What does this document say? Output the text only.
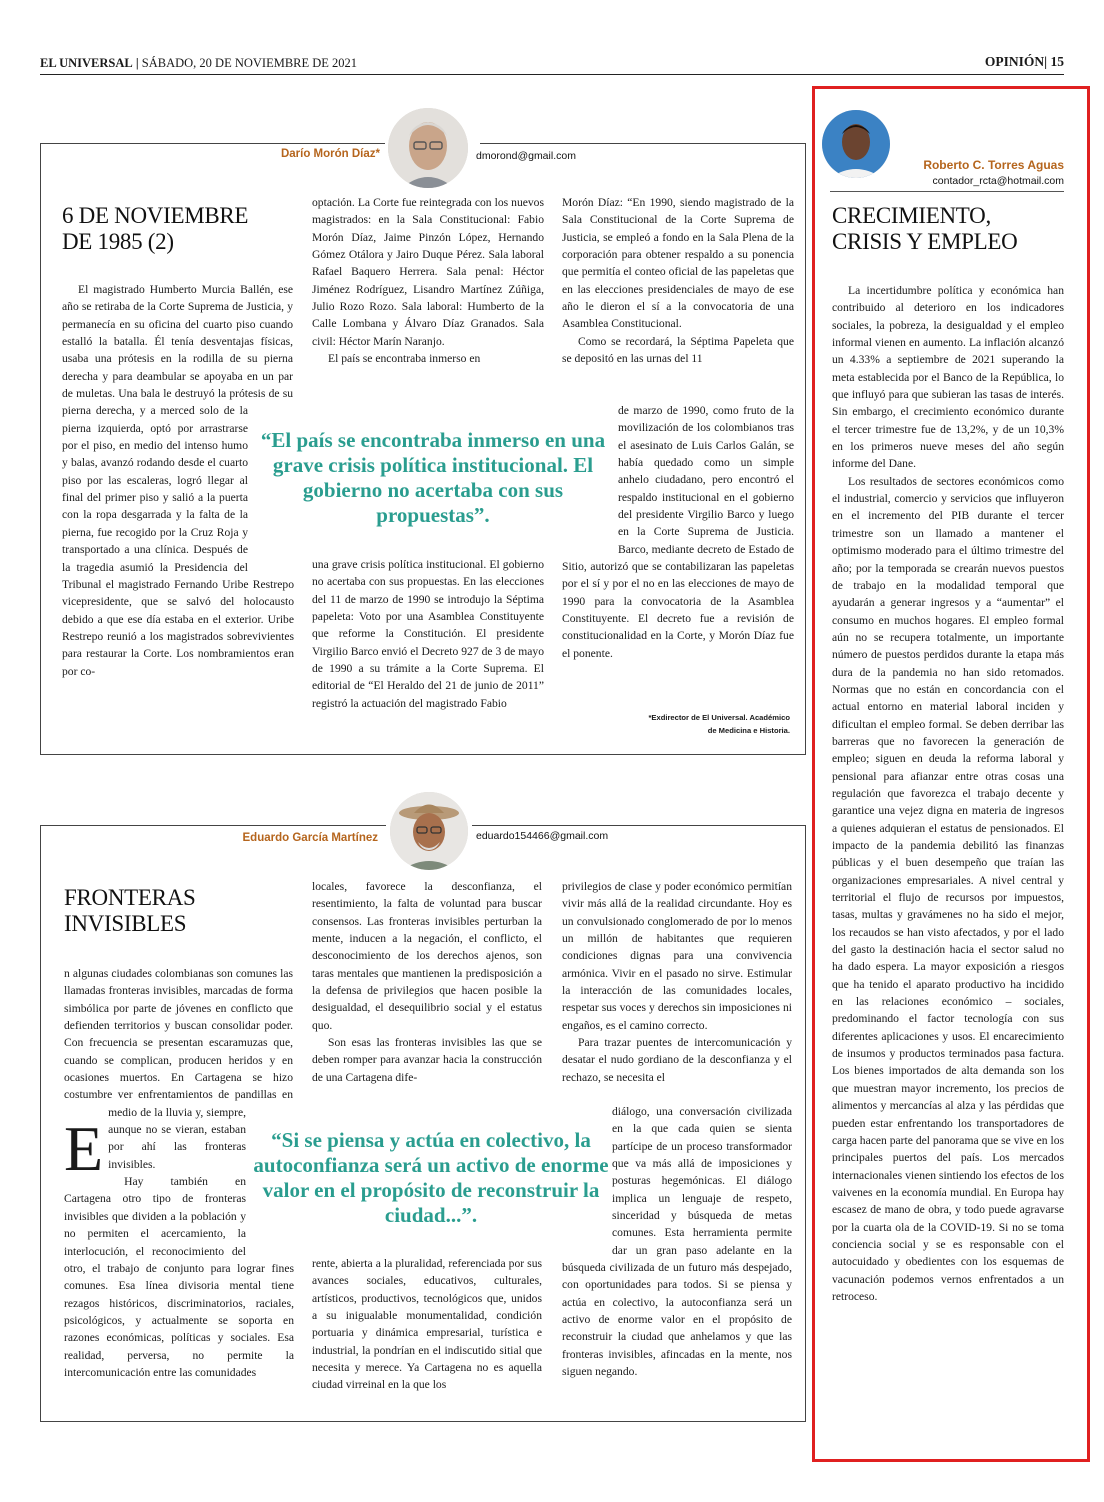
EL UNIVERSAL | SÁBADO, 20 DE NOVIEMBRE DE 2021	OPINIÓN| 15
Darío Morón Díaz*	dmorond@gmail.com
6 DE NOVIEMBRE
DE 1985 (2)

El magistrado Humberto Murcia Ballén, ese año se retiraba de la Corte Suprema de Justicia, y permanecía en su oficina del cuarto piso cuando estalló la batalla. Él tenía desventajas físicas, usaba una prótesis en la rodilla de su pierna derecha y para deambular se apoyaba en un par de muletas. Una bala le destruyó la prótesis de su pierna derecha, y a merced solo de la pierna izquierda, optó por arrastrarse por el piso, en medio del intenso humo y balas, avanzó rodando desde el cuarto piso por las escaleras, logró llegar al final del primer piso y salió a la puerta con la ropa desgarrada y la falta de la pierna, fue recogido por la Cruz Roja y transportado a una clínica. Después de la tragedia asumió la Presidencia del Tribunal el magistrado Fernando Uribe Restrepo vicepresidente, que se salvó del holocausto debido a que ese día estaba en el exterior. Uribe Restrepo reunió a los magistrados sobrevivientes para restaurar la Corte. Los nombramientos eran por co-

optación. La Corte fue reintegrada con los nuevos magistrados: en la Sala Constitucional: Fabio Morón Díaz, Jaime Pinzón López, Hernando Gómez Otálora y Jairo Duque Pérez. Sala laboral Rafael Baquero Herrera. Sala penal: Héctor Jiménez Rodríguez, Lisandro Martínez Zúñiga, Julio Rozo Rozo. Sala laboral: Humberto de la Calle Lombana y Álvaro Díaz Granados. Sala civil: Héctor Marín Naranjo.

El país se encontraba inmerso en

una grave crisis política institucional. El gobierno no acertaba con sus propuestas. En las elecciones del 11 de marzo de 1990 se introdujo la Séptima papeleta: Voto por una Asamblea Constituyente que reforme la Constitución. El presidente Virgilio Barco envió el Decreto 927 de 3 de mayo de 1990 a su trámite a la Corte Suprema. El editorial de “El Heraldo del 21 de junio de 2011” registró la actuación del magistrado Fabio

Morón Díaz: “En 1990, siendo magistrado de la Sala Constitucional de la Corte Suprema de Justicia, se empleó a fondo en la Sala Plena de la corporación para obtener respaldo a su ponencia que permitía el conteo oficial de las papeletas que en las elecciones presidenciales de mayo de ese año le dieron el sí a la convocatoria de una Asamblea Constitucional.

Como se recordará, la Séptima Papeleta que se depositó en las urnas del 11

de marzo de 1990, como fruto de la movilización de los colombianos tras el asesinato de Luis Carlos Galán, se había quedado como un simple anhelo ciudadano, pero encontró el respaldo institucional en el gobierno del presidente Virgilio Barco y luego en la Corte Suprema de Justicia. Barco, mediante decreto de Estado de Sitio, autorizó que se contabilizaran las papeletas por el sí y por el no en las elecciones de mayo de 1990 para la convocatoria de la Asamblea Constituyente. El decreto fue a revisión de constitucionalidad en la Corte, y Morón Díaz fue el ponente.

“El país se encontraba inmerso en una grave crisis política institucional. El gobierno no acertaba con sus propuestas”.
*Exdirector de El Universal. Académico
de Medicina e Historia.
Eduardo García Martínez	eduardo154466@gmail.com
FRONTERAS
INVISIBLES
E

n algunas ciudades colombianas son comunes las llamadas fronteras invisibles, marcadas de forma simbólica por parte de jóvenes en conflicto que defienden territorios y buscan consolidar poder. Con frecuencia se presentan escaramuzas que, cuando se complican, producen heridos y en ocasiones muertos. En Cartagena se hizo costumbre ver enfrentamientos de pandillas en medio de la lluvia y, siempre, aunque no se vieran, estaban por ahí las fronteras invisibles.

Hay también en Cartagena otro tipo de fronteras invisibles que dividen a la población y no permiten el acercamiento, la interlocución, el reconocimiento del otro, el trabajo de conjunto para lograr fines comunes. Esa línea divisoria mental tiene rezagos históricos, discriminatorios, raciales, psicológicos, y actualmente se soporta en razones económicas, políticas y sociales. Esa realidad, perversa, no permite la intercomunicación entre las comunidades

locales, favorece la desconfianza, el resentimiento, la falta de voluntad para buscar consensos. Las fronteras invisibles perturban la mente, inducen a la negación, el conflicto, el desconocimiento de los derechos ajenos, son taras mentales que mantienen la predisposición a la defensa de privilegios que hacen posible la desigualdad, el desequilibrio social y el estatus quo.

Son esas las fronteras invisibles las que se deben romper para avanzar hacia la construcción de una Cartagena dife-

rente, abierta a la pluralidad, referenciada por sus avances sociales, educativos, culturales, artísticos, productivos, tecnológicos que, unidos a su inigualable monumentalidad, condición portuaria y dinámica empresarial, turística e industrial, la pondrían en el indiscutido sitial que necesita y merece. Ya Cartagena no es aquella ciudad virreinal en la que los

privilegios de clase y poder económico permitían vivir más allá de la realidad circundante. Hoy es un convulsionado conglomerado de por lo menos un millón de habitantes que requieren condiciones dignas para una convivencia armónica. Vivir en el pasado no sirve. Estimular la interacción de las comunidades locales, respetar sus voces y derechos sin imposiciones ni engaños, es el camino correcto.

Para trazar puentes de intercomunicación y desatar el nudo gordiano de la desconfianza y el rechazo, se necesita el

diálogo, una conversación civilizada en la que cada quien se sienta partícipe de un proceso transformador que va más allá de imposiciones y posturas hegemónicas. El diálogo implica un lenguaje de respeto, sinceridad y búsqueda de metas comunes. Esta herramienta permite dar un gran paso adelante en la búsqueda civilizada de un futuro más despejado, con oportunidades para todos. Si se piensa y actúa en colectivo, la autoconfianza será un activo de enorme valor en el propósito de reconstruir la ciudad que anhelamos y que las fronteras invisibles, afincadas en la mente, nos siguen negando.

“Si se piensa y actúa en colectivo, la autoconfianza será un activo de enorme valor en el propósito de reconstruir la ciudad...”.
Roberto C. Torres Aguas
contador_rcta@hotmail.com
CRECIMIENTO,
CRISIS Y EMPLEO

La incertidumbre política y económica han contribuido al deterioro en los indicadores sociales, la pobreza, la desigualdad y el empleo informal vienen en aumento. La inflación alcanzó un 4.33% a septiembre de 2021 superando la meta establecida por el Banco de la República, lo que influyó para que subieran las tasas de interés. Sin embargo, el crecimiento económico durante el tercer trimestre fue de 13,2%, y de un 10,3% en los primeros nueve meses del año según informe del Dane.

Los resultados de sectores económicos como el industrial, comercio y servicios que influyeron en el incremento del PIB durante el tercer trimestre son un llamado a mantener el optimismo moderado para el último trimestre del año; por la temporada se crearán nuevos puestos de trabajo en la modalidad temporal que ayudarán a generar ingresos y a “aumentar” el consumo en muchos hogares. El empleo formal aún no se recupera totalmente, un importante número de puestos perdidos durante la etapa más dura de la pandemia no han sido retomados. Normas que no están en concordancia con el actual entorno en material laboral inciden y dificultan el empleo formal. Se deben derribar las barreras que no favorecen la generación de empleo; siguen en deuda la reforma laboral y pensional para afianzar entre otras cosas una regulación que favorezca el trabajo decente y garantice una vejez digna en materia de ingresos a quienes adquieran el estatus de pensionados. El impacto de la pandemia debilitó las finanzas públicas y el buen desempeño que traían las organizaciones empresariales. A nivel central y territorial el flujo de recursos por impuestos, tasas, multas y gravámenes no ha sido el mejor, los recaudos se han visto afectados, y por el lado del gasto la destinación hacia el sector salud no ha dado espera. La mayor exposición a riesgos que ha tenido el aparato productivo ha incidido en las relaciones económico – sociales, predominando el factor tecnología con sus diferentes aplicaciones y usos. El encarecimiento de insumos y productos terminados pasa factura. Los bienes importados de alta demanda son los que muestran mayor incremento, los precios de alimentos y mercancías al alza y las pérdidas que pueden estar enfrentando los transportadores de carga hacen parte del panorama que se vive en los principales puertos del país. Los mercados internacionales vienen sintiendo los efectos de los vaivenes en la economía mundial. En Europa hay escasez de mano de obra, y todo puede agravarse por la cuarta ola de la COVID-19. Si no se toma conciencia social y se es responsable con el autocuidado y obedientes con los esquemas de vacunación podemos vernos enfrentados a un retroceso.
